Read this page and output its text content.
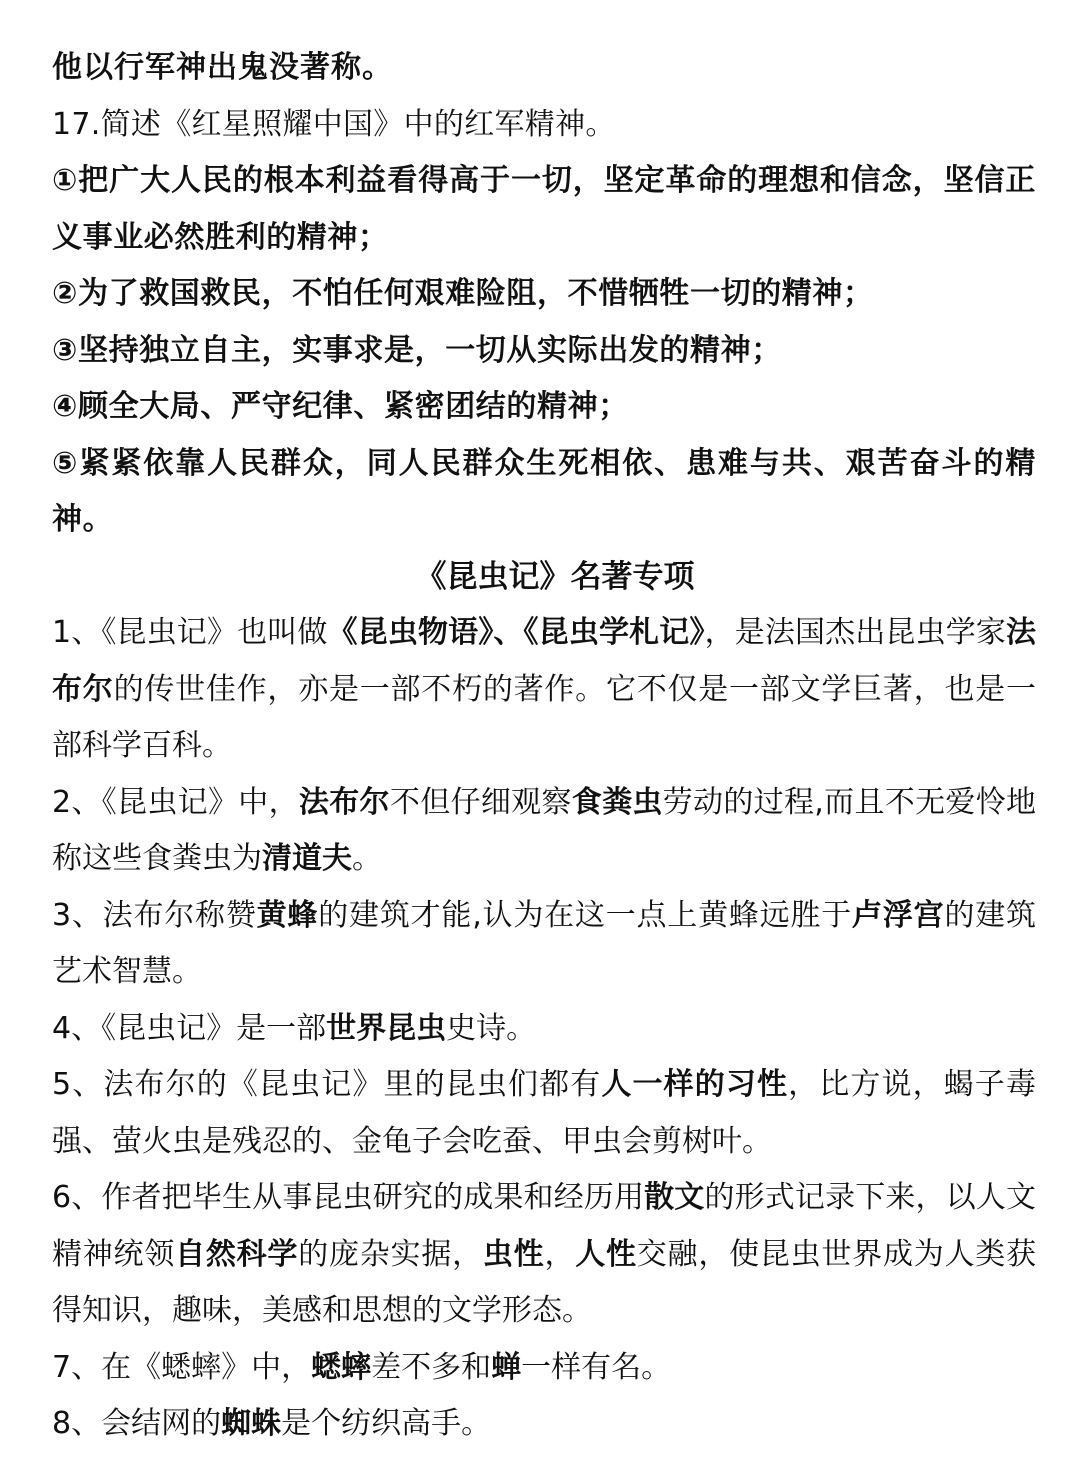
他以行军神出鬼没著称。
17.简述《红星照耀中国》中的红军精神。
①把广大人民的根本利益看得高于一切，坚定革命的理想和信念，坚信正义事业必然胜利的精神；
②为了救国救民，不怕任何艰难险阻，不惜牺牲一切的精神；
③坚持独立自主，实事求是，一切从实际出发的精神；
④顾全大局、严守纪律、紧密团结的精神；
⑤紧紧依靠人民群众，同人民群众生死相依、患难与共、艰苦奋斗的精神。
《昆虫记》名著专项
1、《昆虫记》也叫做《昆虫物语》、《昆虫学札记》，是法国杰出昆虫学家法布尔的传世佳作，亦是一部不朽的著作。它不仅是一部文学巨著，也是一部科学百科。
2、《昆虫记》中，法布尔不但仔细观察食粪虫劳动的过程,而且不无爱怜地称这些食粪虫为清道夫。
3、法布尔称赞黄蜂的建筑才能,认为在这一点上黄蜂远胜于卢浮宫的建筑艺术智慧。
4、《昆虫记》是一部世界昆虫史诗。
5、法布尔的《昆虫记》里的昆虫们都有人一样的习性，比方说，蝎子毒强、萤火虫是残忍的、金龟子会吃蚕、甲虫会剪树叶。
6、作者把毕生从事昆虫研究的成果和经历用散文的形式记录下来，以人文精神统领自然科学的庞杂实据，虫性，人性交融，使昆虫世界成为人类获得知识，趣味，美感和思想的文学形态。
7、在《蟋蟀》中，蟋蟀差不多和蝉一样有名。
8、会结网的蜘蛛是个纺织高手。
